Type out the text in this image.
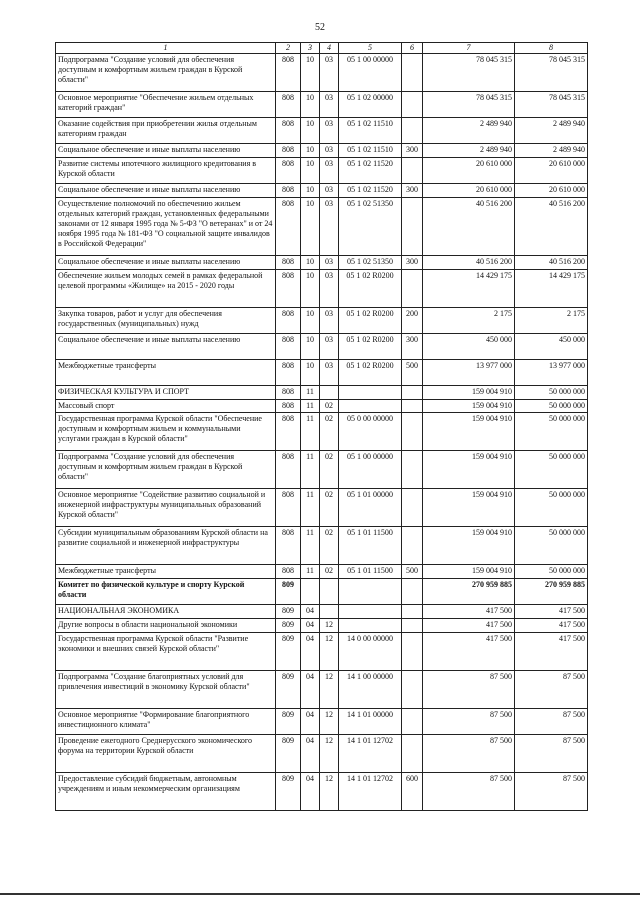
52
1	2	3	4	5	6	7	8
Подпрограмма "Создание условий для обеспечения доступным и комфортным жильем граждан в Курской области"	808	10	03	05 1 00 00000		78 045 315	78 045 315
Основное мероприятие "Обеспечение жильем отдельных категорий граждан"	808	10	03	05 1 02 00000		78 045 315	78 045 315
Оказание содействия при приобретении жилья отдельным категориям граждан	808	10	03	05 1 02 11510		2 489 940	2 489 940
Социальное обеспечение и иные выплаты населению	808	10	03	05 1 02 11510	300	2 489 940	2 489 940
Развитие системы ипотечного жилищного кредитования в Курской области	808	10	03	05 1 02 11520		20 610 000	20 610 000
Социальное обеспечение и иные выплаты населению	808	10	03	05 1 02 11520	300	20 610 000	20 610 000
Осуществление полномочий по обеспечению жильем отдельных категорий граждан, установленных федеральными законами от 12 января 1995 года № 5-ФЗ "О ветеранах" и от 24 ноября 1995 года № 181-ФЗ "О социальной защите инвалидов в Российской Федерации"	808	10	03	05 1 02 51350		40 516 200	40 516 200
Социальное обеспечение и иные выплаты населению	808	10	03	05 1 02 51350	300	40 516 200	40 516 200
Обеспечение жильем молодых семей в рамках федеральной целевой программы «Жилище» на 2015 - 2020 годы	808	10	03	05 1 02 R0200		14 429 175	14 429 175
Закупка товаров, работ и услуг для обеспечения государственных (муниципальных) нужд	808	10	03	05 1 02 R0200	200	2 175	2 175
Социальное обеспечение и иные выплаты населению	808	10	03	05 1 02 R0200	300	450 000	450 000
Межбюджетные трансферты	808	10	03	05 1 02 R0200	500	13 977 000	13 977 000
ФИЗИЧЕСКАЯ КУЛЬТУРА И СПОРТ	808	11				159 004 910	50 000 000
Массовый спорт	808	11	02			159 004 910	50 000 000
Государственная программа Курской области "Обеспечение доступным и комфортным жильем и коммунальными услугами граждан в Курской области"	808	11	02	05 0 00 00000		159 004 910	50 000 000
Подпрограмма "Создание условий для обеспечения доступным и комфортным жильем граждан в Курской области"	808	11	02	05 1 00 00000		159 004 910	50 000 000
Основное мероприятие "Содействие развитию социальной и инженерной инфраструктуры муниципальных образований Курской области"	808	11	02	05 1 01 00000		159 004 910	50 000 000
Субсидии муниципальным образованиям Курской области на развитие социальной и инженерной инфраструктуры	808	11	02	05 1 01 11500		159 004 910	50 000 000
Межбюджетные трансферты	808	11	02	05 1 01 11500	500	159 004 910	50 000 000
Комитет по физической культуре и спорту Курской области	809					270 959 885	270 959 885
НАЦИОНАЛЬНАЯ ЭКОНОМИКА	809	04				417 500	417 500
Другие вопросы в области национальной экономики	809	04	12			417 500	417 500
Государственная программа Курской области "Развитие экономики и внешних связей Курской области"	809	04	12	14 0 00 00000		417 500	417 500
Подпрограмма "Создание благоприятных условий для привлечения инвестиций в экономику Курской области"	809	04	12	14 1 00 00000		87 500	87 500
Основное мероприятие "Формирование благоприятного инвестиционного климата"	809	04	12	14 1 01 00000		87 500	87 500
Проведение ежегодного Среднерусского экономического форума на территории Курской области	809	04	12	14 1 01 12702		87 500	87 500
Предоставление субсидий бюджетным, автономным учреждениям и иным некоммерческим организациям	809	04	12	14 1 01 12702	600	87 500	87 500
